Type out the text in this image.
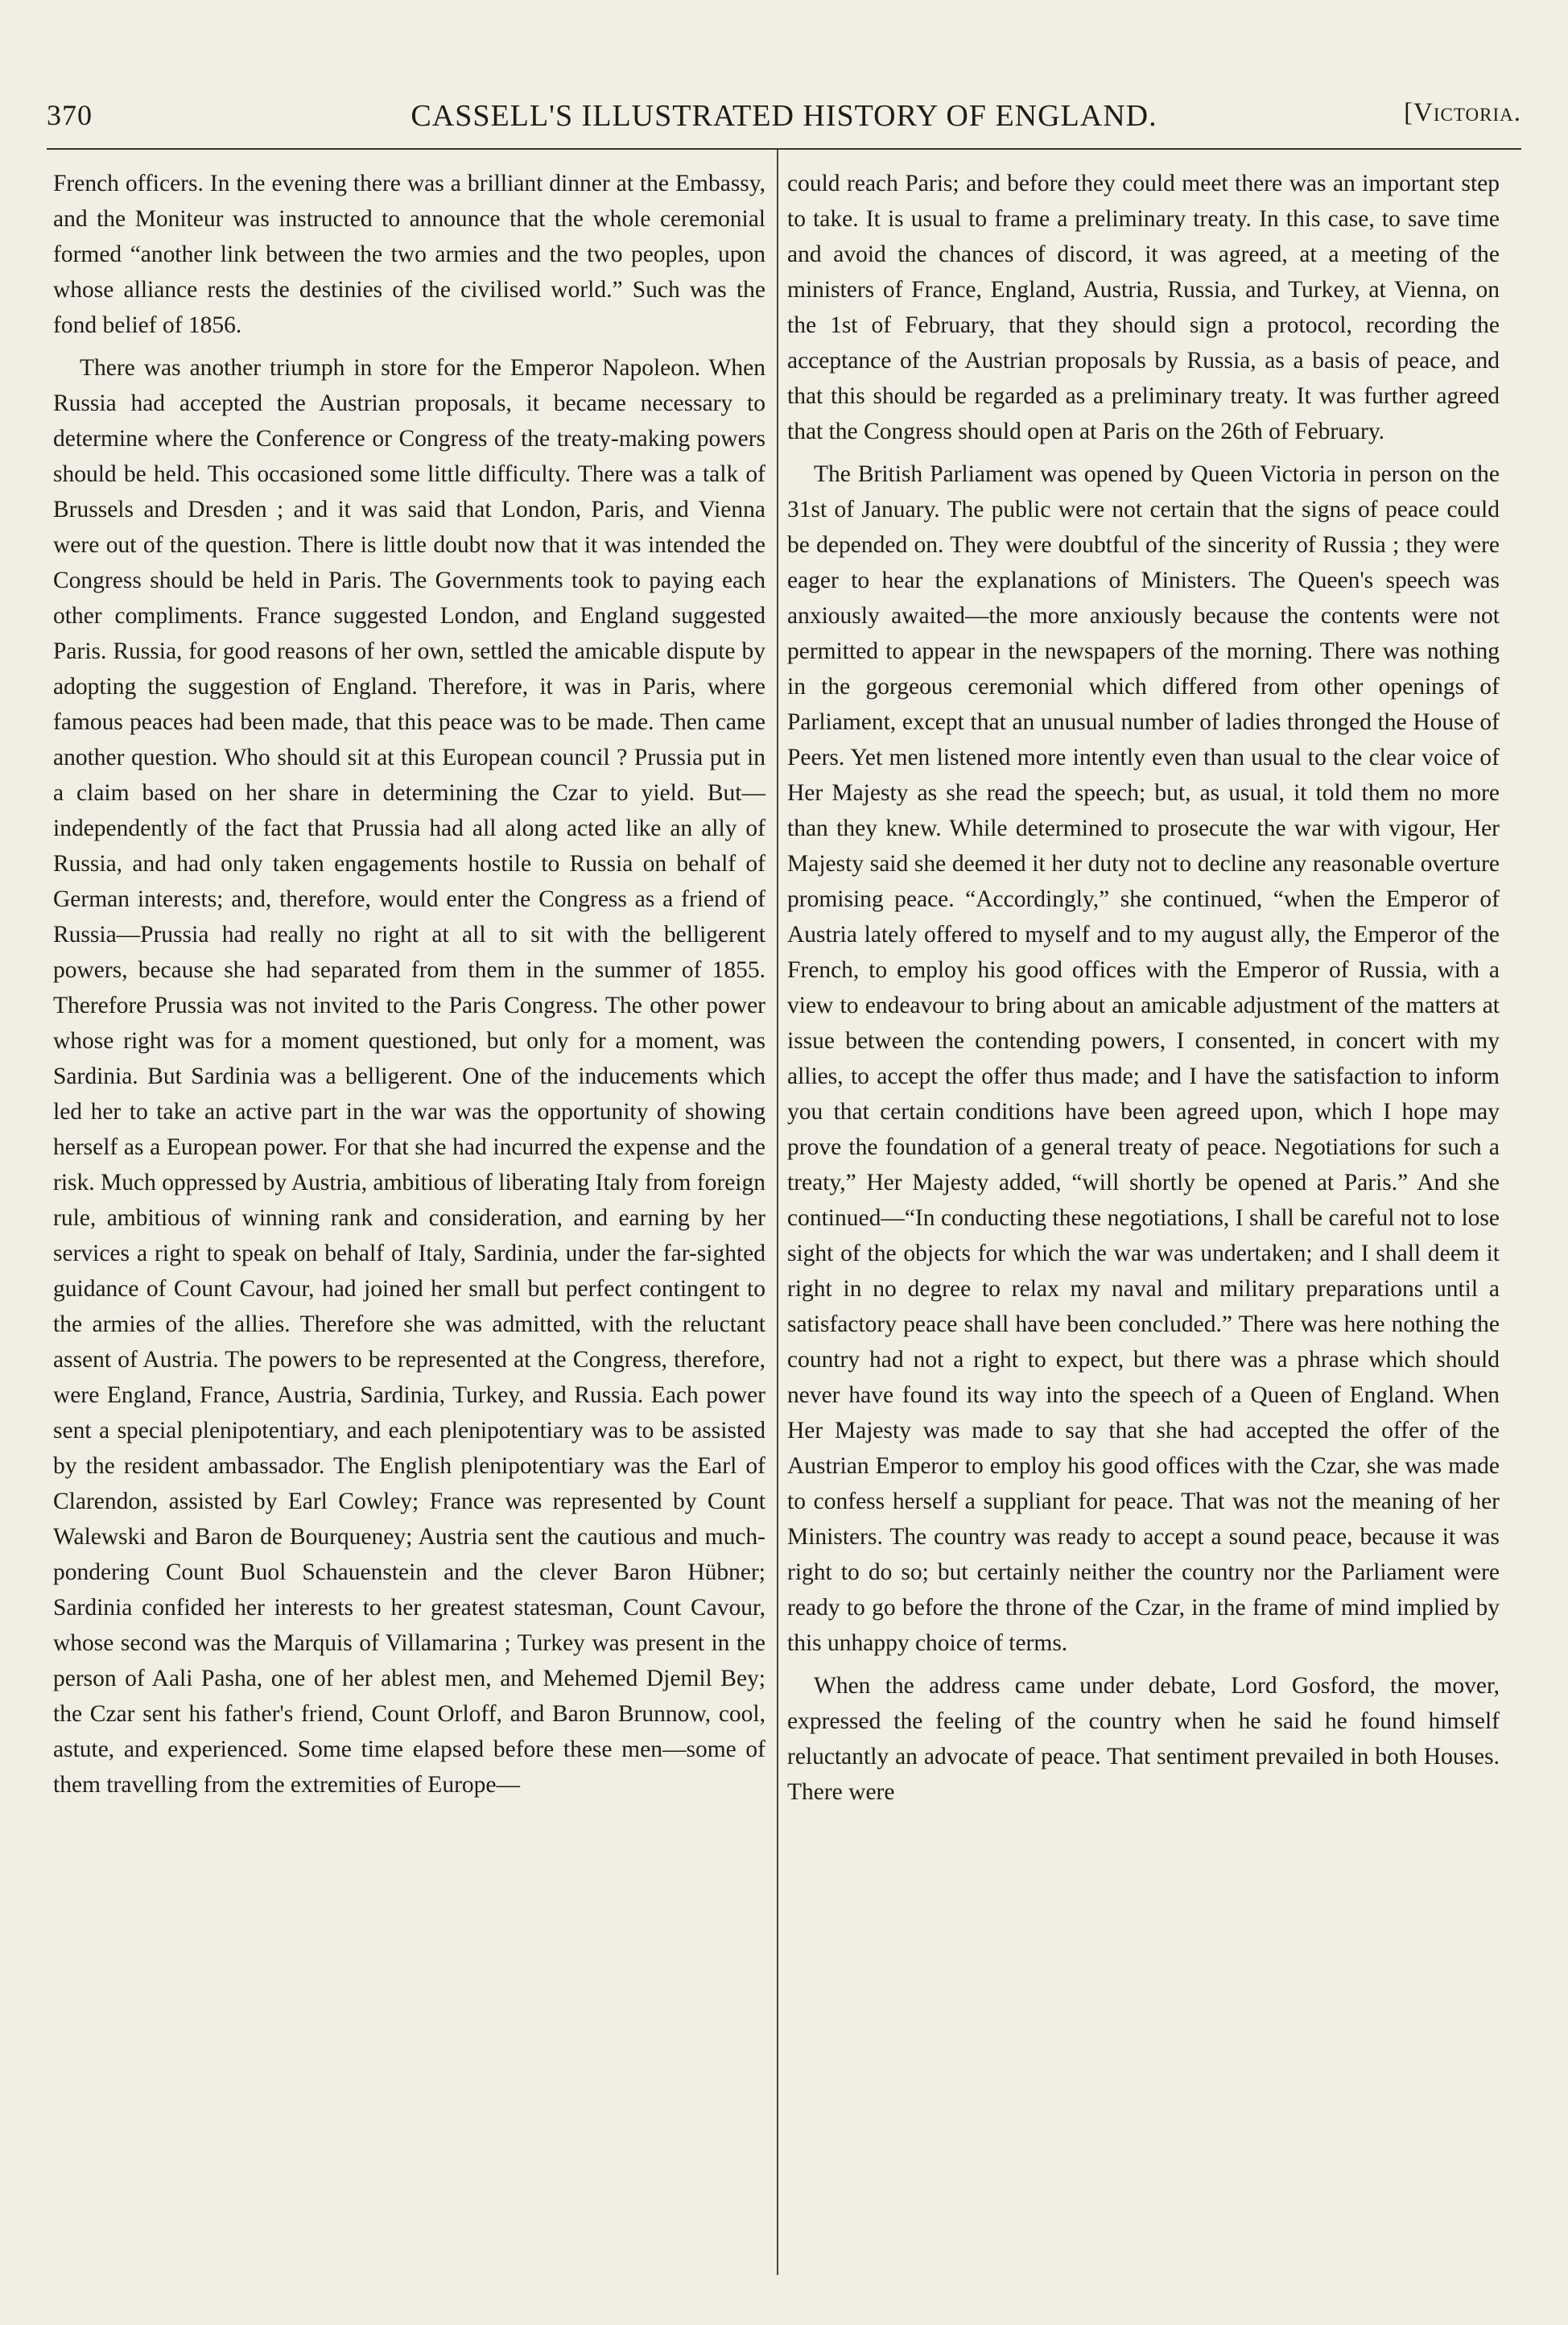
370	CASSELL'S ILLUSTRATED HISTORY OF ENGLAND.	[Victoria.

French officers. In the evening there was a brilliant dinner at the Embassy, and the Moniteur was instructed to announce that the whole ceremonial formed “another link between the two armies and the two peoples, upon whose alliance rests the destinies of the civilised world.” Such was the fond belief of 1856.

There was another triumph in store for the Emperor Napoleon. When Russia had accepted the Austrian proposals, it became necessary to determine where the Conference or Congress of the treaty-making powers should be held. This occasioned some little difficulty. There was a talk of Brussels and Dresden ; and it was said that London, Paris, and Vienna were out of the question. There is little doubt now that it was intended the Congress should be held in Paris. The Governments took to paying each other compliments. France suggested London, and England suggested Paris. Russia, for good reasons of her own, settled the amicable dispute by adopting the suggestion of England. Therefore, it was in Paris, where famous peaces had been made, that this peace was to be made. Then came another question. Who should sit at this European council ? Prussia put in a claim based on her share in determining the Czar to yield. But—independently of the fact that Prussia had all along acted like an ally of Russia, and had only taken engagements hostile to Russia on behalf of German interests; and, therefore, would enter the Congress as a friend of Russia—Prussia had really no right at all to sit with the belligerent powers, because she had separated from them in the summer of 1855. Therefore Prussia was not invited to the Paris Congress. The other power whose right was for a moment questioned, but only for a moment, was Sardinia. But Sardinia was a belligerent. One of the inducements which led her to take an active part in the war was the opportunity of showing herself as a European power. For that she had incurred the expense and the risk. Much oppressed by Austria, ambitious of liberating Italy from foreign rule, ambitious of winning rank and consideration, and earning by her services a right to speak on behalf of Italy, Sardinia, under the far-sighted guidance of Count Cavour, had joined her small but perfect contingent to the armies of the allies. Therefore she was admitted, with the reluctant assent of Austria. The powers to be represented at the Congress, therefore, were England, France, Austria, Sardinia, Turkey, and Russia. Each power sent a special plenipotentiary, and each plenipotentiary was to be assisted by the resident ambassador. The English plenipotentiary was the Earl of Clarendon, assisted by Earl Cowley; France was represented by Count Walewski and Baron de Bourqueney; Austria sent the cautious and much-pondering Count Buol Schauenstein and the clever Baron Hübner; Sardinia confided her interests to her greatest statesman, Count Cavour, whose second was the Marquis of Villamarina ; Turkey was present in the person of Aali Pasha, one of her ablest men, and Mehemed Djemil Bey; the Czar sent his father's friend, Count Orloff, and Baron Brunnow, cool, astute, and experienced. Some time elapsed before these men—some of them travelling from the extremities of Europe—

could reach Paris; and before they could meet there was an important step to take. It is usual to frame a preliminary treaty. In this case, to save time and avoid the chances of discord, it was agreed, at a meeting of the ministers of France, England, Austria, Russia, and Turkey, at Vienna, on the 1st of February, that they should sign a protocol, recording the acceptance of the Austrian proposals by Russia, as a basis of peace, and that this should be regarded as a preliminary treaty. It was further agreed that the Congress should open at Paris on the 26th of February.

The British Parliament was opened by Queen Victoria in person on the 31st of January. The public were not certain that the signs of peace could be depended on. They were doubtful of the sincerity of Russia ; they were eager to hear the explanations of Ministers. The Queen's speech was anxiously awaited—the more anxiously because the contents were not permitted to appear in the newspapers of the morning. There was nothing in the gorgeous ceremonial which differed from other openings of Parliament, except that an unusual number of ladies thronged the House of Peers. Yet men listened more intently even than usual to the clear voice of Her Majesty as she read the speech; but, as usual, it told them no more than they knew. While determined to prosecute the war with vigour, Her Majesty said she deemed it her duty not to decline any reasonable overture promising peace. “Accordingly,” she continued, “when the Emperor of Austria lately offered to myself and to my august ally, the Emperor of the French, to employ his good offices with the Emperor of Russia, with a view to endeavour to bring about an amicable adjustment of the matters at issue between the contending powers, I consented, in concert with my allies, to accept the offer thus made; and I have the satisfaction to inform you that certain conditions have been agreed upon, which I hope may prove the foundation of a general treaty of peace. Negotiations for such a treaty,” Her Majesty added, “will shortly be opened at Paris.” And she continued—“In conducting these negotiations, I shall be careful not to lose sight of the objects for which the war was undertaken; and I shall deem it right in no degree to relax my naval and military preparations until a satisfactory peace shall have been concluded.” There was here nothing the country had not a right to expect, but there was a phrase which should never have found its way into the speech of a Queen of England. When Her Majesty was made to say that she had accepted the offer of the Austrian Emperor to employ his good offices with the Czar, she was made to confess herself a suppliant for peace. That was not the meaning of her Ministers. The country was ready to accept a sound peace, because it was right to do so; but certainly neither the country nor the Parliament were ready to go before the throne of the Czar, in the frame of mind implied by this unhappy choice of terms.

When the address came under debate, Lord Gosford, the mover, expressed the feeling of the country when he said he found himself reluctantly an advocate of peace. That sentiment prevailed in both Houses. There were
